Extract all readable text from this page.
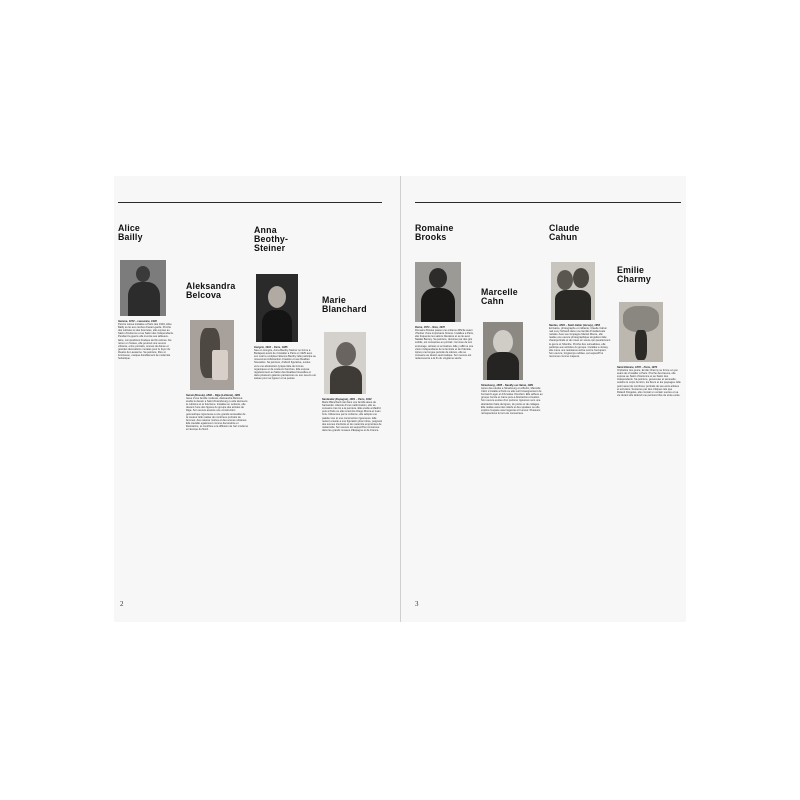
Alice
Bailly
Geneve, 1872 – Lausanne, 1938
Peintre suisse installee a Paris des 1904, Alice Bailly se lie aux cercles d'avant-garde. Proche des cubistes et des futuristes, elle expose au Salon d'Automne et au Salon des Independants. Pendant la guerre elle invente ses tableaux-laine, compositions brodees de fils colores. De retour en Suisse, elle poursuit une oeuvre vibrante, entre portraits, scenes de danse et grandes decorations murales pour le foyer du theatre de Lausanne. Sa peinture, libre et lumineuse, marque durablement la modernite helvetique.
Aleksandra
Belcova
Surazi (Russie), 1892 – Riga (Lettonie), 1981
Issue d'une famille modeste, Aleksandra Belcova etudie le dessin a Saint-Petersbourg ou elle decouvre le cubisme et le futurisme. Installee en Lettonie, elle devient l'une des figures du groupe des artistes de Riga. Son oeuvre associe une construction geometrique rigoureuse a une grande sensualite de la couleur. Elle realise de nombreux portraits de femmes, des natures mortes et des scenes urbaines. Elle travaille egalement comme decoratrice et illustratrice, et contribue a la diffusion de l'art moderne en Europe du Nord.
Anna
Beothy-
Steiner
Hongrie, 1902 – Paris, 1985
Nee en Hongrie, Anna Beothy-Steiner se forme a Budapest avant de s'installer a Paris en 1925 avec son mari le sculpteur Etienne Beothy. Elle participe au mouvement Abstraction-Creation et aux Realites Nouvelles. Sa peinture, d'abord figurative, evolue vers une abstraction lyrique faite de formes organiques et de couleurs franches. Elle expose regulierement au Salon des Realites Nouvelles et dans plusieurs galeries parisiennes ou son oeuvre est saluee pour sa rigueur et sa poesie.
Marie
Blanchard
Santander (Espagne), 1881 – Paris, 1932
Marie Blanchard nait dans une famille aisee de Santander. Atteinte d'une malformation, elle se consacre tres tot a la peinture. Elle etudie a Madrid puis a Paris ou elle rencontre Diego Rivera et Juan Gris. Influencee par le cubisme, elle adopte une palette vive et une construction rigoureuse. Elle revient ensuite a une figuration plus intime, peignant des scenes d'enfants et de maternite empreintes de melancolie. Son oeuvre est aujourd'hui conservee dans les grands musees d'Espagne et de France.
2
Romaine
Brooks
Rome, 1874 – Nice, 1970
Romaine Brooks passe une enfance difficile avant d'heriter d'une importante fortune. Installee a Paris, elle frequente les salons litteraires et se lie avec Natalie Barney. Sa peinture, dominee par des gris subtils, est consacree au portrait : femmes de son entourage, artistes et ecrivaines. Elle y affirme une vision independante de la feminite et de l'identite. Apres une longue periode de silence, elle se consacre au dessin automatique. Son oeuvre est redecouverte a la fin du vingtieme siecle.
Marcelle
Cahn
Strasbourg, 1895 – Neuilly-sur-Seine, 1981
Apres des etudes a Strasbourg et a Berlin, Marcelle Cahn s'installe a Paris ou elle suit l'enseignement de Fernand Leger et d'Amedee Ozenfant. Elle adhere au groupe Cercle et Carre puis a Abstraction-Creation. Son oeuvre evolue d'un purisme rigoureux vers une abstraction faite de lignes, de points et de collages. Elle realise aussi des reliefs et des spatiaux ou elle explore l'espace avec legerete et humour. Plusieurs retrospectives lui ont ete consacrees.
Claude
Cahun
Nantes, 1894 – Saint-Helier (Jersey), 1954
Ecrivaine, photographe et militante, Claude Cahun nait Lucy Schwob dans une famille d'intellectuels nantais. Avec sa compagne Marcel Moore, elle realise une oeuvre photographique singuliere faite d'autoportraits et de mises en scene qui questionnent le genre et l'identite. Proche des surrealistes, elle participe aux activites du groupe. Installee a Jersey, elle mene une resistance active contre l'occupant. Son oeuvre, longtemps oubliee, est aujourd'hui reconnue comme majeure.
Emilie
Charmy
Saint-Etienne, 1878 – Paris, 1974
Orpheline tres jeune, Emilie Charmy se forme a Lyon avant de s'installer a Paris. Proche des fauves, elle expose au Salon d'Automne et au Salon des Independants. Sa peinture, genereuse et sensuelle, celebre le corps feminin, les fleurs et les paysages. Elle peint aussi de nombreux portraits de ses amis artistes et ecrivains. Soutenue par des critiques tels que Roland Dorgeles, elle connait un certain succes et sa vie durant elle defend une peinture libre de toute ecole.
3
